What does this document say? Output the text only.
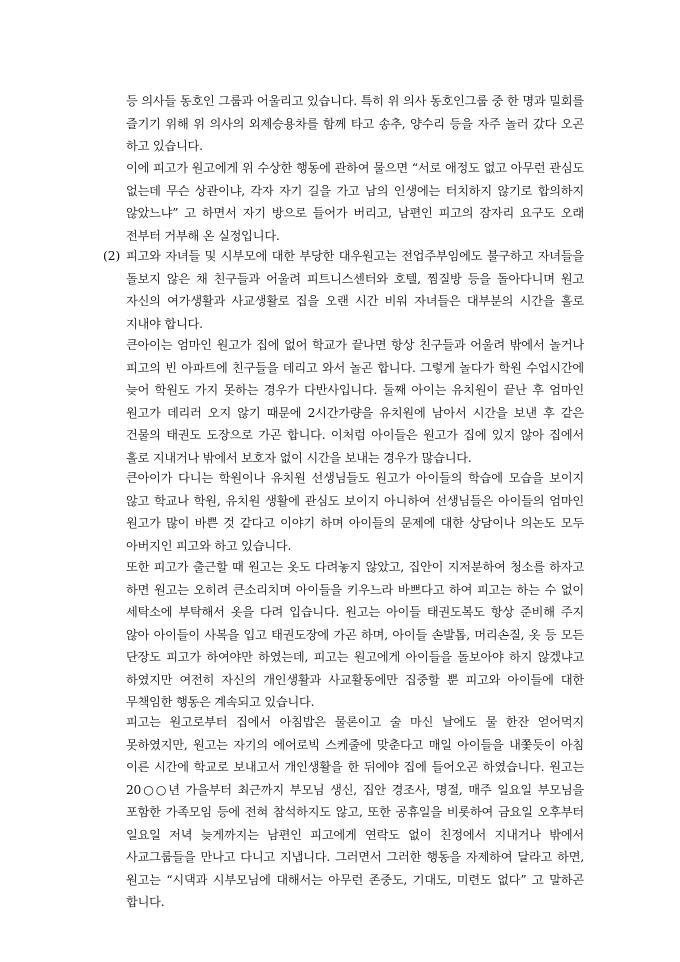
등 의사들 동호인 그룹과 어울리고 있습니다. 특히 위 의사 동호인그룹 중 한 명과 밀회를 즐기기 위해 위 의사의 외제승용차를 함께 타고 송추, 양수리 등을 자주 놀러 갔다 오곤 하고 있습니다.

이에 피고가 원고에게 위 수상한 행동에 관하여 물으면 “서로 애정도 없고 아무런 관심도 없는데 무슨 상관이냐, 각자 자기 길을 가고 남의 인생에는 터치하지 않기로 합의하지 않았느냐” 고 하면서 자기 방으로 들어가 버리고, 남편인 피고의 잠자리 요구도 오래 전부터 거부해 온 실정입니다.

(2) 피고와 자녀들 및 시부모에 대한 부당한 대우원고는 전업주부임에도 불구하고 자녀들을 돌보지 않은 채 친구들과 어울려 피트니스센터와 호텔, 찜질방 등을 돌아다니며 원고 자신의 여가생활과 사교생활로 집을 오랜 시간 비워 자녀들은 대부분의 시간을 홀로 지내야 합니다.

큰아이는 엄마인 원고가 집에 없어 학교가 끝나면 항상 친구들과 어울려 밖에서 놀거나 피고의 빈 아파트에 친구들을 데리고 와서 놀곤 합니다. 그렇게 놀다가 학원 수업시간에 늦어 학원도 가지 못하는 경우가 다반사입니다. 둘째 아이는 유치원이 끝난 후 엄마인 원고가 데리러 오지 않기 때문에 2시간가량을 유치원에 남아서 시간을 보낸 후 같은 건물의 태권도 도장으로 가곤 합니다. 이처럼 아이들은 원고가 집에 있지 않아 집에서 홀로 지내거나 밖에서 보호자 없이 시간을 보내는 경우가 많습니다.

큰아이가 다니는 학원이나 유치원 선생님들도 원고가 아이들의 학습에 모습을 보이지 않고 학교나 학원, 유치원 생활에 관심도 보이지 아니하여 선생님들은 아이들의 엄마인 원고가 많이 바쁜 것 같다고 이야기 하며 아이들의 문제에 대한 상담이나 의논도 모두 아버지인 피고와 하고 있습니다.

또한 피고가 출근할 때 원고는 옷도 다려놓지 않았고, 집안이 지저분하여 청소를 하자고 하면 원고는 오히려 큰소리치며 아이들을 키우느라 바쁘다고 하여 피고는 하는 수 없이 세탁소에 부탁해서 옷을 다려 입습니다. 원고는 아이들 태권도복도 항상 준비해 주지 않아 아이들이 사복을 입고 태권도장에 가곤 하며, 아이들 손발톱, 머리손질, 옷 등 모든 단장도 피고가 하여야만 하였는데, 피고는 원고에게 아이들을 돌보아야 하지 않겠냐고 하였지만 여전히 자신의 개인생활과 사교활동에만 집중할 뿐 피고와 아이들에 대한 무책임한 행동은 계속되고 있습니다.

피고는 원고로부터 집에서 아침밥은 물론이고 술 마신 날에도 물 한잔 얻어먹지 못하였지만, 원고는 자기의 에어로빅 스케줄에 맞춘다고 매일 아이들을 내쫓듯이 아침 이른 시간에 학교로 보내고서 개인생활을 한 뒤에야 집에 들어오곤 하였습니다. 원고는 20○○년 가을부터 최근까지 부모님 생신, 집안 경조사, 명절, 매주 일요일 부모님을 포함한 가족모임 등에 전혀 참석하지도 않고, 또한 공휴일을 비롯하여 금요일 오후부터 일요일 저녁 늦게까지는 남편인 피고에게 연락도 없이 친정에서 지내거나 밖에서 사교그룹들을 만나고 다니고 지냅니다. 그러면서 그러한 행동을 자제하여 달라고 하면, 원고는 “시댁과 시부모님에 대해서는 아무런 존중도, 기대도, 미련도 없다” 고 말하곤 합니다.
